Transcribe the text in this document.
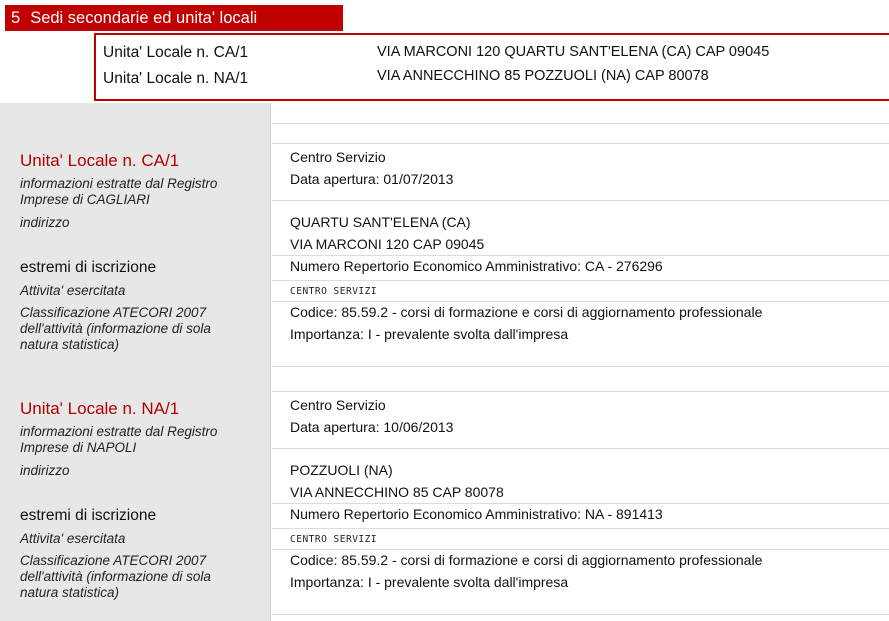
5 Sedi secondarie ed unita' locali
Unita' Locale n. CA/1	VIA MARCONI 120 QUARTU SANT'ELENA (CA) CAP 09045
Unita' Locale n. NA/1	VIA ANNECCHINO 85 POZZUOLI (NA) CAP 80078
Unita' Locale n. CA/1
informazioni estratte dal Registro Imprese di CAGLIARI
indirizzo
estremi di iscrizione
Attivita' esercitata
Classificazione ATECORI 2007 dell'attività (informazione di sola natura statistica)
Centro Servizio
Data apertura: 01/07/2013
QUARTU SANT'ELENA (CA)
VIA MARCONI 120 CAP 09045
Numero Repertorio Economico Amministrativo: CA - 276296
CENTRO SERVIZI
Codice: 85.59.2 - corsi di formazione e corsi di aggiornamento professionale
Importanza: I - prevalente svolta dall'impresa
Unita' Locale n. NA/1
informazioni estratte dal Registro Imprese di NAPOLI
indirizzo
estremi di iscrizione
Attivita' esercitata
Classificazione ATECORI 2007 dell'attività (informazione di sola natura statistica)
Centro Servizio
Data apertura: 10/06/2013
POZZUOLI (NA)
VIA ANNECCHINO 85 CAP 80078
Numero Repertorio Economico Amministrativo: NA - 891413
CENTRO SERVIZI
Codice: 85.59.2 - corsi di formazione e corsi di aggiornamento professionale
Importanza: I - prevalente svolta dall'impresa
